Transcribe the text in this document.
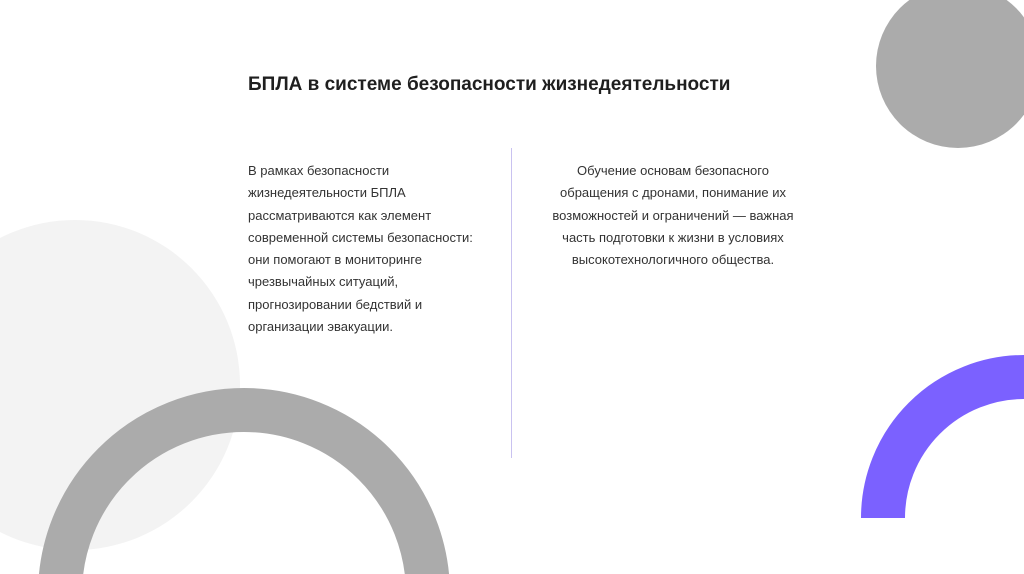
БПЛА в системе безопасности жизнедеятельности

В рамках безопасности жизнедеятельности БПЛА рассматриваются как элемент современной системы безопасности: они помогают в мониторинге чрезвычайных ситуаций, прогнозировании бедствий и организации эвакуации.

Обучение основам безопасного обращения с дронами, понимание их возможностей и ограничений — важная часть подготовки к жизни в условиях высокотехнологичного общества.
